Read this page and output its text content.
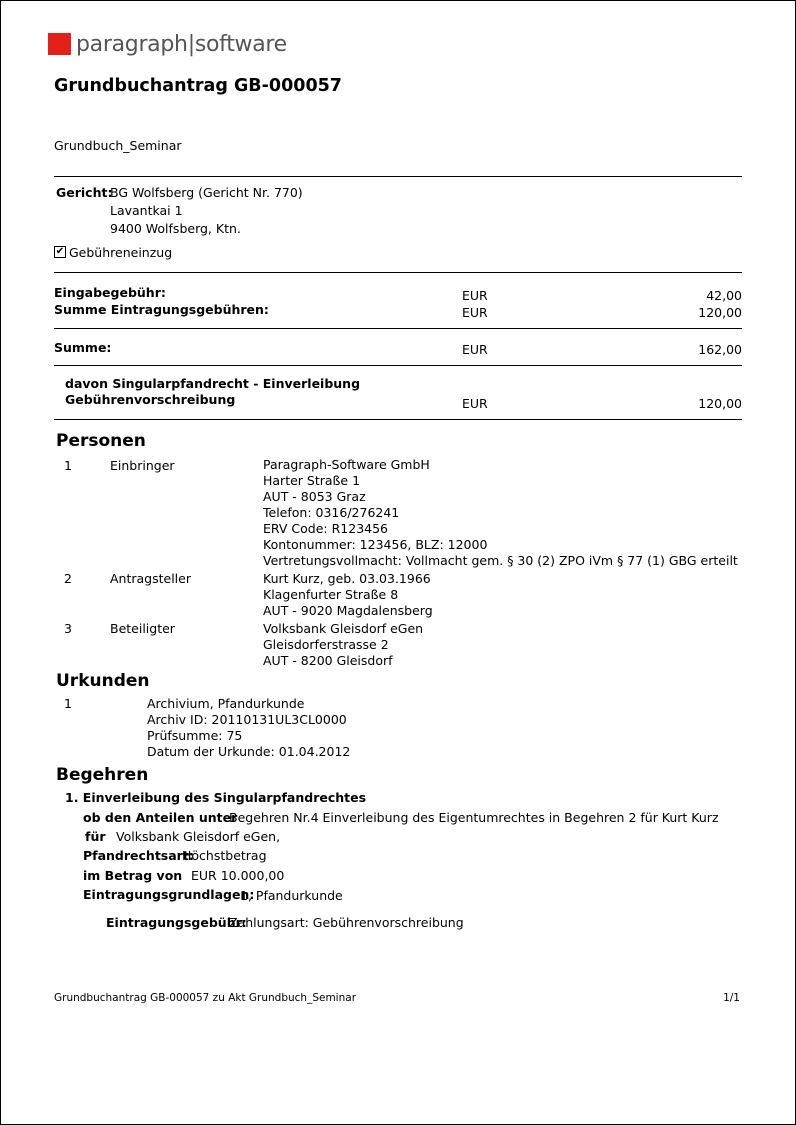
paragraph|software
Grundbuchantrag GB-000057
Grundbuch_Seminar
Gericht:
BG Wolfsberg (Gericht Nr. 770)
Lavantkai 1
9400 Wolfsberg, Ktn.
✔ Gebühreneinzug
Eingabegebühr:	EUR	42,00
Summe Eintragungsgebühren:	EUR	120,00
Summe:	EUR	162,00
davon Singularpfandrecht - Einverleibung
Gebührenvorschreibung	EUR	120,00
Personen
1	Einbringer	Paragraph-Software GmbH
Harter Straße 1
AUT - 8053 Graz
Telefon: 0316/276241
ERV Code: R123456
Kontonummer: 123456, BLZ: 12000
Vertretungsvollmacht: Vollmacht gem. § 30 (2) ZPO iVm § 77 (1) GBG erteilt
2	Antragsteller	Kurt Kurz, geb. 03.03.1966
Klagenfurter Straße 8
AUT - 9020 Magdalensberg
3	Beteiligter	Volksbank Gleisdorf eGen
Gleisdorferstrasse 2
AUT - 8200 Gleisdorf
Urkunden
1	Archivium, Pfandurkunde
Archiv ID: 20110131UL3CL0000
Prüfsumme: 75
Datum der Urkunde: 01.04.2012
Begehren
1. Einverleibung des Singularpfandrechtes
ob den Anteilen unter
Begehren Nr.4 Einverleibung des Eigentumrechtes in Begehren 2 für Kurt Kurz
für Volksbank Gleisdorf eGen,
Pfandrechtsart:
Höchstbetrag
im Betrag von EUR 10.000,00
Eintragungsgrundlagen:
1, Pfandurkunde
Eintragungsgebühr:
Zahlungsart: Gebührenvorschreibung
Grundbuchantrag GB-000057 zu Akt Grundbuch_Seminar	1/1
